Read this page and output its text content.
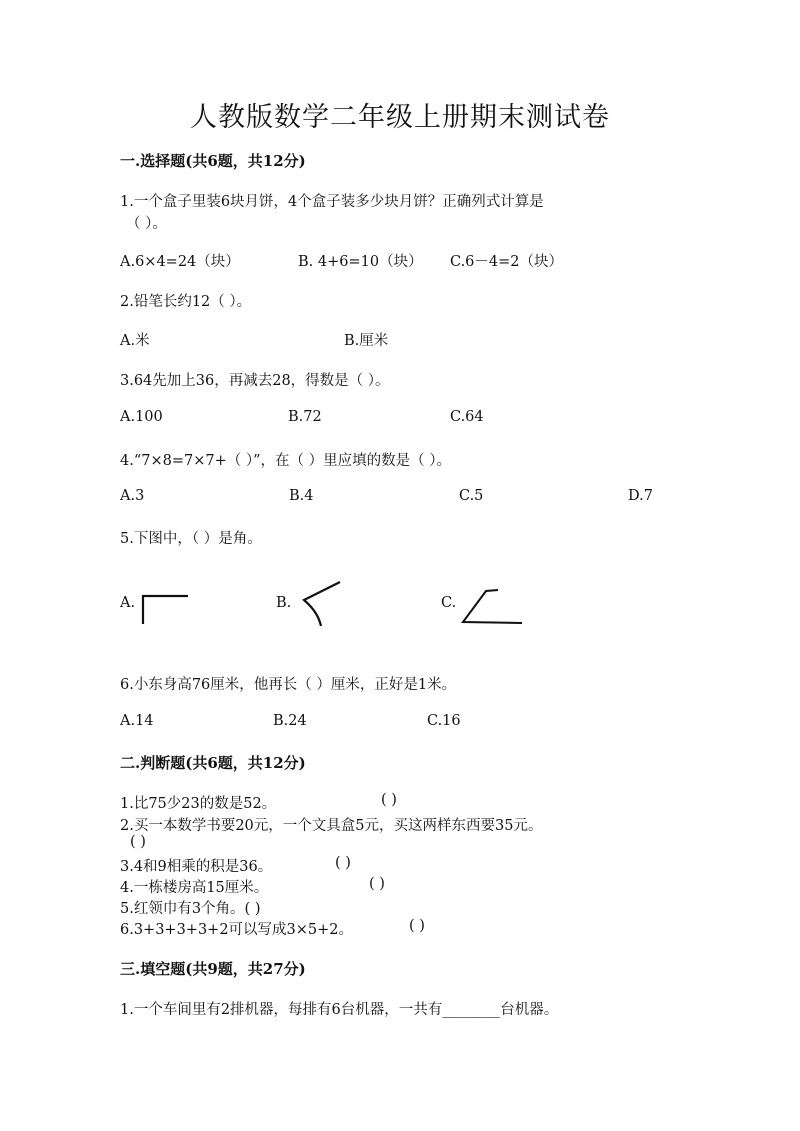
人教版数学二年级上册期末测试卷
一.选择题(共6题，共12分)
1.一个盒子里装6块月饼，4个盒子装多少块月饼？正确列式计算是
（ ）。
A.6×4=24（块）	B. 4+6=10（块） C.6－4=2（块）
2.铅笔长约12（ ）。
A.米	B.厘米
3.64先加上36，再减去28，得数是（ ）。
A.100	B.72	C.64
4.“7×8=7×7+（ ）”，在（ ）里应填的数是（ ）。
A.3	B.4	C.5	D.7
5.下图中，（ ）是角。
A.	B.	C.
6.小东身高76厘米，他再长（ ）厘米，正好是1米。
A.14	B.24	C.16
二.判断题(共6题，共12分)
1.比75少23的数是52。	( )
2.买一本数学书要20元，一个文具盒5元，买这两样东西要35元。
( )
3.4和9相乘的积是36。	( )
4.一栋楼房高15厘米。	( )
5.红领巾有3个角。( )
6.3+3+3+3+2可以写成3×5+2。	( )
三.填空题(共9题，共27分)
1.一个车间里有2排机器，每排有6台机器，一共有________台机器。
